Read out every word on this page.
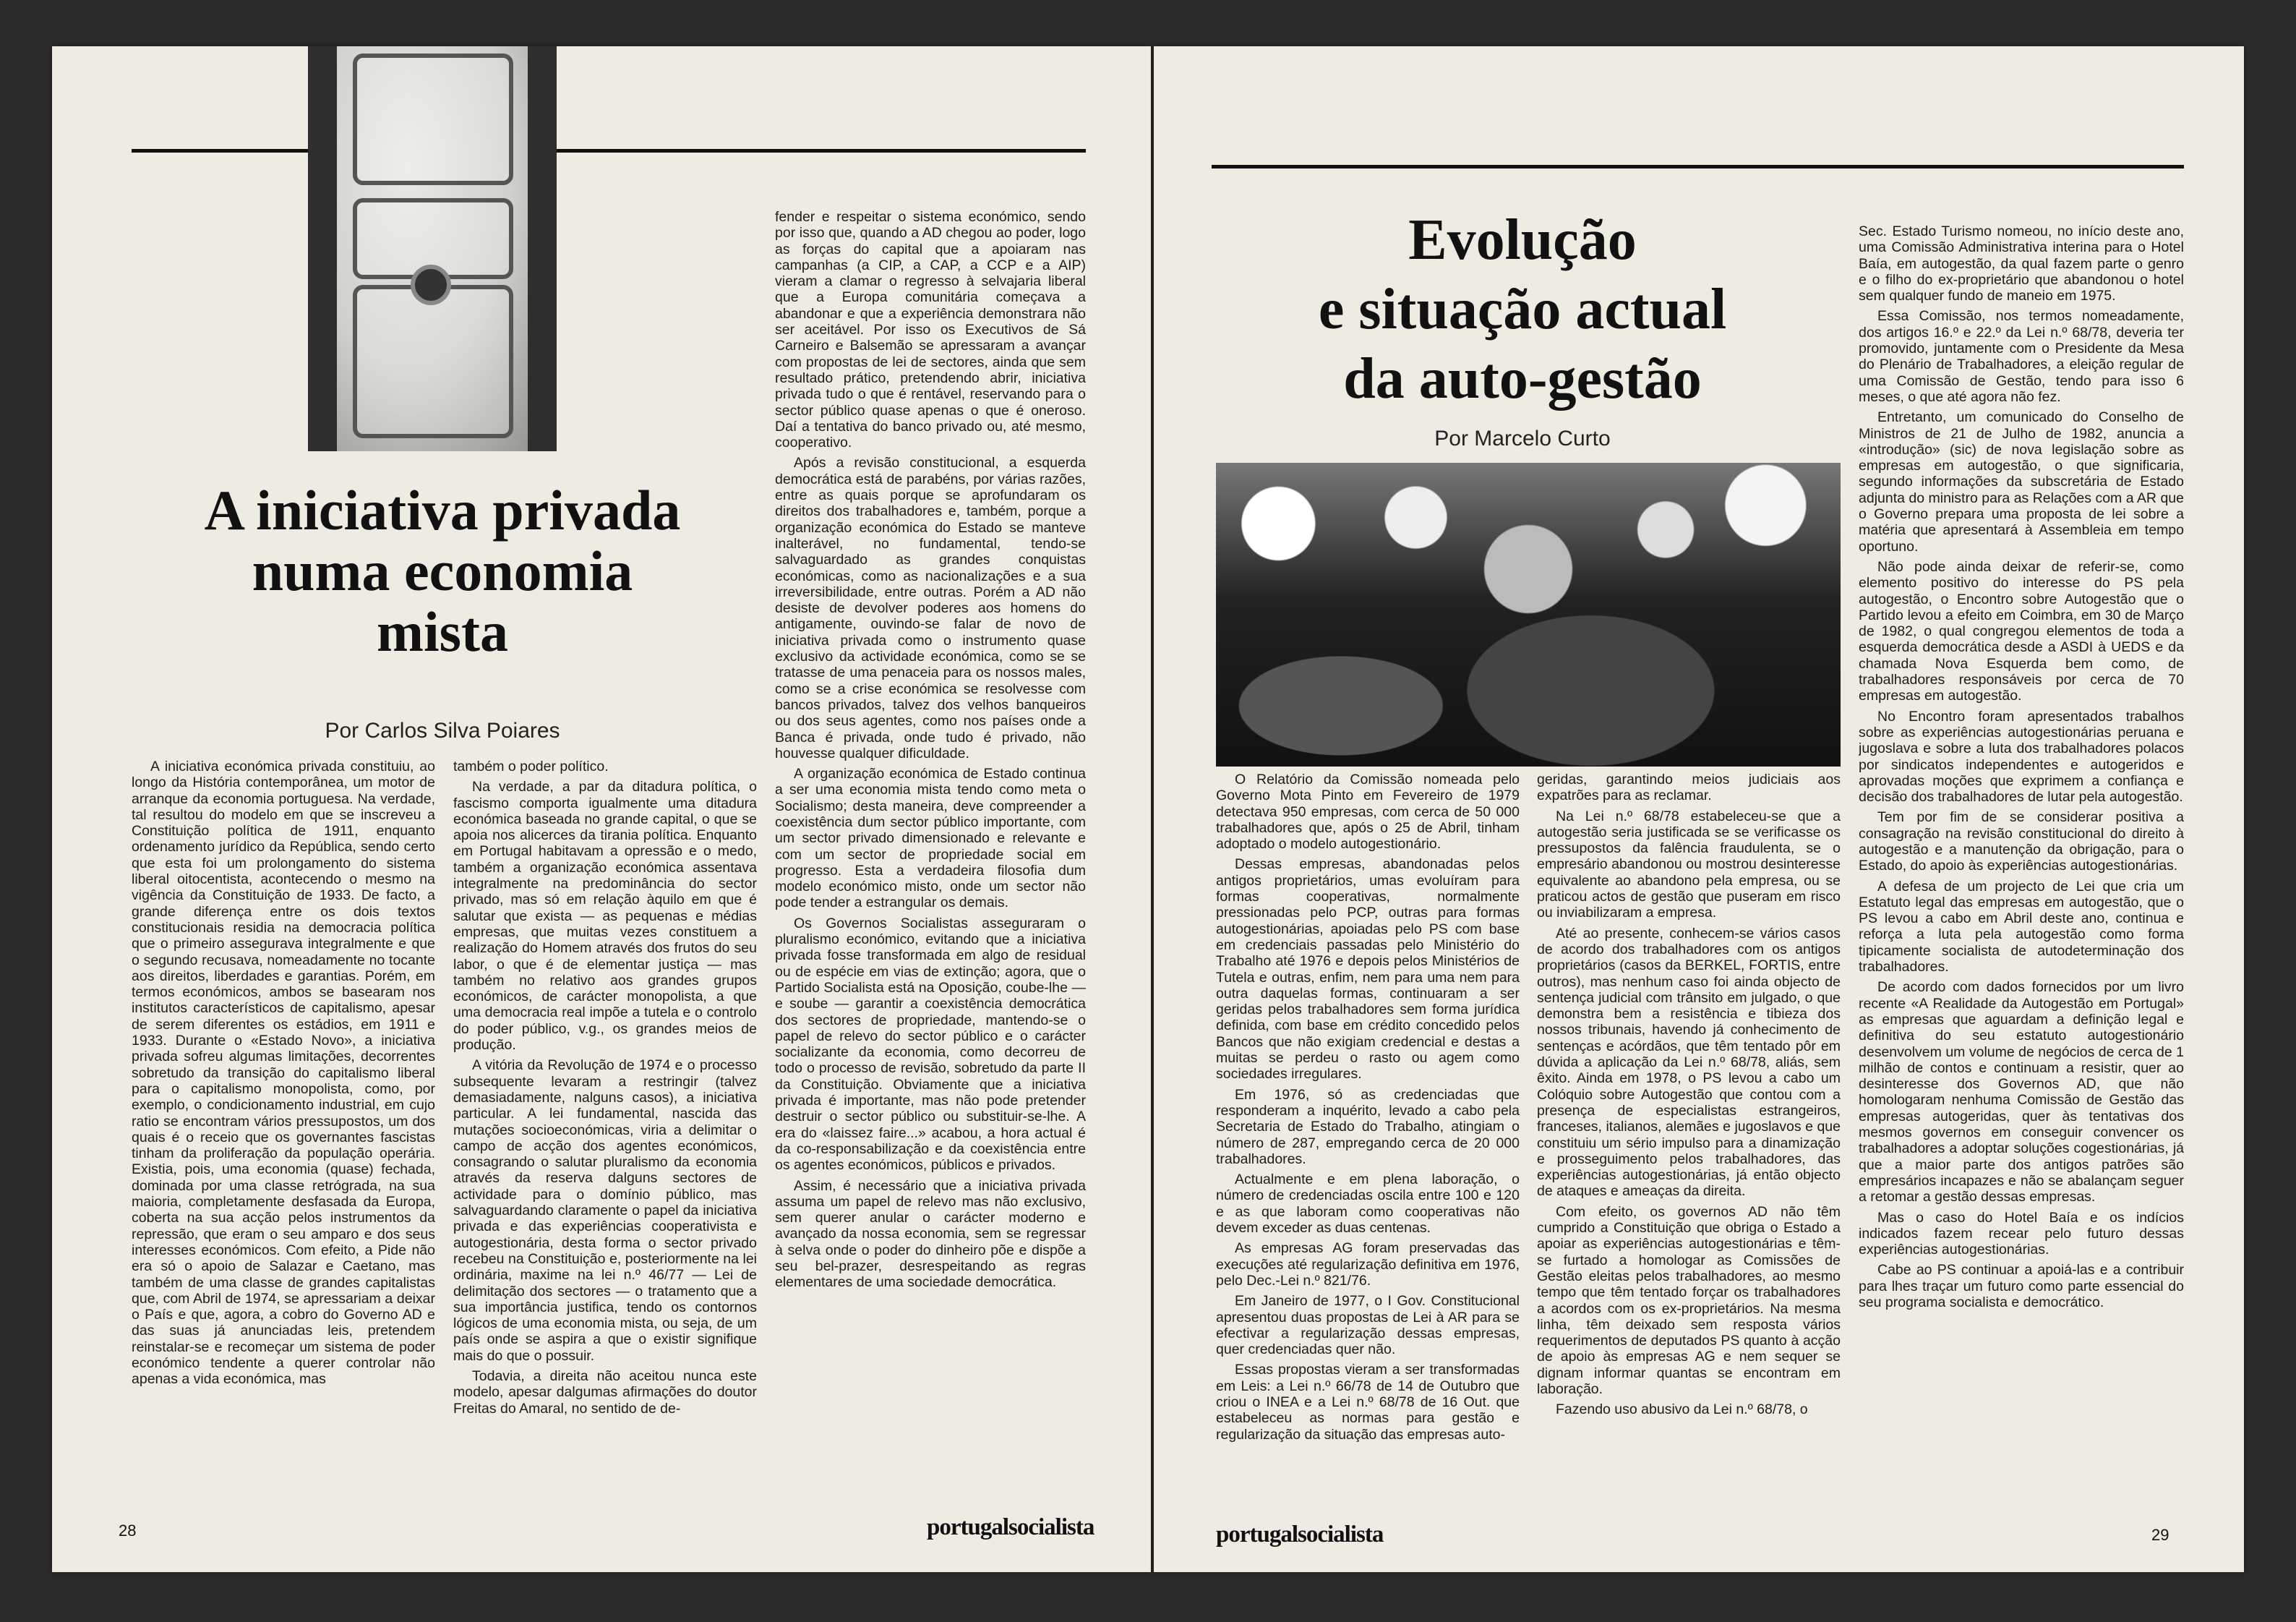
A iniciativa privada
numa economia
mista
Por Carlos Silva Poiares

A iniciativa económica privada constituiu, ao longo da História contemporânea, um motor de arranque da economia portuguesa. Na verdade, tal resultou do modelo em que se inscreveu a Constituição política de 1911, enquanto ordenamento jurídico da República, sendo certo que esta foi um prolongamento do sistema liberal oitocentista, acontecendo o mesmo na vigência da Constituição de 1933. De facto, a grande diferença entre os dois textos constitucionais residia na democracia política que o primeiro assegurava integralmente e que o segundo recusava, nomeadamente no tocante aos direitos, liberdades e garantias. Porém, em termos económicos, ambos se basearam nos institutos característicos de capitalismo, apesar de serem diferentes os estádios, em 1911 e 1933. Durante o «Estado Novo», a iniciativa privada sofreu algumas limitações, decorrentes sobretudo da transição do capitalismo liberal para o capitalismo monopolista, como, por exemplo, o condicionamento industrial, em cujo ratio se encontram vários pressupostos, um dos quais é o receio que os governantes fascistas tinham da proliferação da população operária. Existia, pois, uma economia (quase) fechada, dominada por uma classe retrógrada, na sua maioria, completamente desfasada da Europa, coberta na sua acção pelos instrumentos da repressão, que eram o seu amparo e dos seus interesses económicos. Com efeito, a Pide não era só o apoio de Salazar e Caetano, mas também de uma classe de grandes capitalistas que, com Abril de 1974, se apressariam a deixar o País e que, agora, a cobro do Governo AD e das suas já anunciadas leis, pretendem reinstalar-se e recomeçar um sistema de poder económico tendente a querer controlar não apenas a vida económica, mas

também o poder político.

Na verdade, a par da ditadura política, o fascismo comporta igualmente uma ditadura económica baseada no grande capital, o que se apoia nos alicerces da tirania política. Enquanto em Portugal habitavam a opressão e o medo, também a organização económica assentava integralmente na predominância do sector privado, mas só em relação àquilo em que é salutar que exista — as pequenas e médias empresas, que muitas vezes constituem a realização do Homem através dos frutos do seu labor, o que é de elementar justiça — mas também no relativo aos grandes grupos económicos, de carácter monopolista, a que uma democracia real impõe a tutela e o controlo do poder público, v.g., os grandes meios de produção.

A vitória da Revolução de 1974 e o processo subsequente levaram a restringir (talvez demasiadamente, nalguns casos), a iniciativa particular. A lei fundamental, nascida das mutações socioeconómicas, viria a delimitar o campo de acção dos agentes económicos, consagrando o salutar pluralismo da economia através da reserva dalguns sectores de actividade para o domínio público, mas salvaguardando claramente o papel da iniciativa privada e das experiências cooperativista e autogestionária, desta forma o sector privado recebeu na Constituição e, posteriormente na lei ordinária, maxime na lei n.º 46/77 — Lei de delimitação dos sectores — o tratamento que a sua importância justifica, tendo os contornos lógicos de uma economia mista, ou seja, de um país onde se aspira a que o existir signifique mais do que o possuir.

Todavia, a direita não aceitou nunca este modelo, apesar dalgumas afirmações do doutor Freitas do Amaral, no sentido de de-

fender e respeitar o sistema económico, sendo por isso que, quando a AD chegou ao poder, logo as forças do capital que a apoiaram nas campanhas (a CIP, a CAP, a CCP e a AIP) vieram a clamar o regresso à selvajaria liberal que a Europa comunitária começava a abandonar e que a experiência demonstrara não ser aceitável. Por isso os Executivos de Sá Carneiro e Balsemão se apressaram a avançar com propostas de lei de sectores, ainda que sem resultado prático, pretendendo abrir, iniciativa privada tudo o que é rentável, reservando para o sector público quase apenas o que é oneroso. Daí a tentativa do banco privado ou, até mesmo, cooperativo.

Após a revisão constitucional, a esquerda democrática está de parabéns, por várias razões, entre as quais porque se aprofundaram os direitos dos trabalhadores e, também, porque a organização económica do Estado se manteve inalterável, no fundamental, tendo-se salvaguardado as grandes conquistas económicas, como as nacionalizações e a sua irreversibilidade, entre outras. Porém a AD não desiste de devolver poderes aos homens do antigamente, ouvindo-se falar de novo de iniciativa privada como o instrumento quase exclusivo da actividade económica, como se se tratasse de uma penaceia para os nossos males, como se a crise económica se resolvesse com bancos privados, talvez dos velhos banqueiros ou dos seus agentes, como nos países onde a Banca é privada, onde tudo é privado, não houvesse qualquer dificuldade.

A organização económica de Estado continua a ser uma economia mista tendo como meta o Socialismo; desta maneira, deve compreender a coexistência dum sector público importante, com um sector privado dimensionado e relevante e com um sector de propriedade social em progresso. Esta a verdadeira filosofia dum modelo económico misto, onde um sector não pode tender a estrangular os demais.

Os Governos Socialistas asseguraram o pluralismo económico, evitando que a iniciativa privada fosse transformada em algo de residual ou de espécie em vias de extinção; agora, que o Partido Socialista está na Oposição, coube-lhe — e soube — garantir a coexistência democrática dos sectores de propriedade, mantendo-se o papel de relevo do sector público e o carácter socializante da economia, como decorreu de todo o processo de revisão, sobretudo da parte II da Constituição. Obviamente que a iniciativa privada é importante, mas não pode pretender destruir o sector público ou substituir-se-lhe. A era do «laissez faire...» acabou, a hora actual é da co-responsabilização e da coexistência entre os agentes económicos, públicos e privados.

Assim, é necessário que a iniciativa privada assuma um papel de relevo mas não exclusivo, sem querer anular o carácter moderno e avançado da nossa economia, sem se regressar à selva onde o poder do dinheiro põe e dispõe a seu bel-prazer, desrespeitando as regras elementares de uma sociedade democrática.

28	portugalsocialista
Evolução
e situação actual
da auto-gestão
Por Marcelo Curto

O Relatório da Comissão nomeada pelo Governo Mota Pinto em Fevereiro de 1979 detectava 950 empresas, com cerca de 50 000 trabalhadores que, após o 25 de Abril, tinham adoptado o modelo autogestionário.

Dessas empresas, abandonadas pelos antigos proprietários, umas evoluíram para formas cooperativas, normalmente pressionadas pelo PCP, outras para formas autogestionárias, apoiadas pelo PS com base em credenciais passadas pelo Ministério do Trabalho até 1976 e depois pelos Ministérios de Tutela e outras, enfim, nem para uma nem para outra daquelas formas, continuaram a ser geridas pelos trabalhadores sem forma jurídica definida, com base em crédito concedido pelos Bancos que não exigiam credencial e destas a muitas se perdeu o rasto ou agem como sociedades irregulares.

Em 1976, só as credenciadas que responderam a inquérito, levado a cabo pela Secretaria de Estado do Trabalho, atingiam o número de 287, empregando cerca de 20 000 trabalhadores.

Actualmente e em plena laboração, o número de credenciadas oscila entre 100 e 120 e as que laboram como cooperativas não devem exceder as duas centenas.

As empresas AG foram preservadas das execuções até regularização definitiva em 1976, pelo Dec.-Lei n.º 821/76.

Em Janeiro de 1977, o I Gov. Constitucional apresentou duas propostas de Lei à AR para se efectivar a regularização dessas empresas, quer credenciadas quer não.

Essas propostas vieram a ser transformadas em Leis: a Lei n.º 66/78 de 14 de Outubro que criou o INEA e a Lei n.º 68/78 de 16 Out. que estabeleceu as normas para gestão e regularização da situação das empresas auto-

geridas, garantindo meios judiciais aos expatrões para as reclamar.

Na Lei n.º 68/78 estabeleceu-se que a autogestão seria justificada se se verificasse os pressupostos da falência fraudulenta, se o empresário abandonou ou mostrou desinteresse equivalente ao abandono pela empresa, ou se praticou actos de gestão que puseram em risco ou inviabilizaram a empresa.

Até ao presente, conhecem-se vários casos de acordo dos trabalhadores com os antigos proprietários (casos da BERKEL, FORTIS, entre outros), mas nenhum caso foi ainda objecto de sentença judicial com trânsito em julgado, o que demonstra bem a resistência e tibieza dos nossos tribunais, havendo já conhecimento de sentenças e acórdãos, que têm tentado pôr em dúvida a aplicação da Lei n.º 68/78, aliás, sem êxito. Ainda em 1978, o PS levou a cabo um Colóquio sobre Autogestão que contou com a presença de especialistas estrangeiros, franceses, italianos, alemães e jugoslavos e que constituiu um sério impulso para a dinamização e prosseguimento pelos trabalhadores, das experiências autogestionárias, já então objecto de ataques e ameaças da direita.

Com efeito, os governos AD não têm cumprido a Constituição que obriga o Estado a apoiar as experiências autogestionárias e têm-se furtado a homologar as Comissões de Gestão eleitas pelos trabalhadores, ao mesmo tempo que têm tentado forçar os trabalhadores a acordos com os ex-proprietários. Na mesma linha, têm deixado sem resposta vários requerimentos de deputados PS quanto à acção de apoio às empresas AG e nem sequer se dignam informar quantas se encontram em laboração.

Fazendo uso abusivo da Lei n.º 68/78, o

Sec. Estado Turismo nomeou, no início deste ano, uma Comissão Administrativa interina para o Hotel Baía, em autogestão, da qual fazem parte o genro e o filho do ex-proprietário que abandonou o hotel sem qualquer fundo de maneio em 1975.

Essa Comissão, nos termos nomeadamente, dos artigos 16.º e 22.º da Lei n.º 68/78, deveria ter promovido, juntamente com o Presidente da Mesa do Plenário de Trabalhadores, a eleição regular de uma Comissão de Gestão, tendo para isso 6 meses, o que até agora não fez.

Entretanto, um comunicado do Conselho de Ministros de 21 de Julho de 1982, anuncia a «introdução» (sic) de nova legislação sobre as empresas em autogestão, o que significaria, segundo informações da subscretária de Estado adjunta do ministro para as Relações com a AR que o Governo prepara uma proposta de lei sobre a matéria que apresentará à Assembleia em tempo oportuno.

Não pode ainda deixar de referir-se, como elemento positivo do interesse do PS pela autogestão, o Encontro sobre Autogestão que o Partido levou a efeito em Coimbra, em 30 de Março de 1982, o qual congregou elementos de toda a esquerda democrática desde a ASDI à UEDS e da chamada Nova Esquerda bem como, de trabalhadores responsáveis por cerca de 70 empresas em autogestão.

No Encontro foram apresentados trabalhos sobre as experiências autogestionárias peruana e jugoslava e sobre a luta dos trabalhadores polacos por sindicatos independentes e autogeridos e aprovadas moções que exprimem a confiança e decisão dos trabalhadores de lutar pela autogestão.

Tem por fim de se considerar positiva a consagração na revisão constitucional do direito à autogestão e a manutenção da obrigação, para o Estado, do apoio às experiências autogestionárias.

A defesa de um projecto de Lei que cria um Estatuto legal das empresas em autogestão, que o PS levou a cabo em Abril deste ano, continua e reforça a luta pela autogestão como forma tipicamente socialista de autodeterminação dos trabalhadores.

De acordo com dados fornecidos por um livro recente «A Realidade da Autogestão em Portugal» as empresas que aguardam a definição legal e definitiva do seu estatuto autogestionário desenvolvem um volume de negócios de cerca de 1 milhão de contos e continuam a resistir, quer ao desinteresse dos Governos AD, que não homologaram nenhuma Comissão de Gestão das empresas autogeridas, quer às tentativas dos mesmos governos em conseguir convencer os trabalhadores a adoptar soluções cogestionárias, já que a maior parte dos antigos patrões são empresários incapazes e não se abalançam seguer a retomar a gestão dessas empresas.

Mas o caso do Hotel Baía e os indícios indicados fazem recear pelo futuro dessas experiências autogestionárias.

Cabe ao PS continuar a apoiá-las e a contribuir para lhes traçar um futuro como parte essencial do seu programa socialista e democrático.

portugalsocialista	29
